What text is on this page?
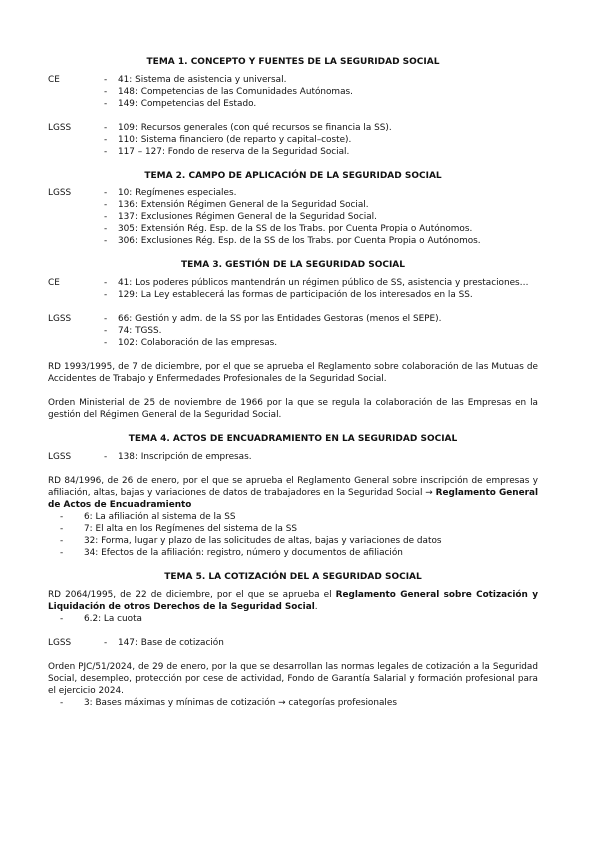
TEMA 1. CONCEPTO Y FUENTES DE LA SEGURIDAD SOCIAL

CE	-	41: Sistema de asistencia y universal.
-	148: Competencias de las Comunidades Autónomas.
-	149: Competencias del Estado.
LGSS	-	109: Recursos generales (con qué recursos se financia la SS).
-	110: Sistema financiero (de reparto y capital–coste).
-	117 – 127: Fondo de reserva de la Seguridad Social.

TEMA 2. CAMPO DE APLICACIÓN DE LA SEGURIDAD SOCIAL

LGSS	-	10: Regímenes especiales.
-	136: Extensión Régimen General de la Seguridad Social.
-	137: Exclusiones Régimen General de la Seguridad Social.
-	305: Extensión Rég. Esp. de la SS de los Trabs. por Cuenta Propia o Autónomos.
-	306: Exclusiones Rég. Esp. de la SS de los Trabs. por Cuenta Propia o Autónomos.

TEMA 3. GESTIÓN DE LA SEGURIDAD SOCIAL

CE	-	41: Los poderes públicos mantendrán un régimen público de SS, asistencia y prestaciones…
-	129: La Ley establecerá las formas de participación de los interesados en la SS.
LGSS	-	66: Gestión y adm. de la SS por las Entidades Gestoras (menos el SEPE).
-	74: TGSS.
-	102: Colaboración de las empresas.

RD 1993/1995, de 7 de diciembre, por el que se aprueba el Reglamento sobre colaboración de las Mutuas de Accidentes de Trabajo y Enfermedades Profesionales de la Seguridad Social.

Orden Ministerial de 25 de noviembre de 1966 por la que se regula la colaboración de las Empresas en la gestión del Régimen General de la Seguridad Social.

TEMA 4. ACTOS DE ENCUADRAMIENTO EN LA SEGURIDAD SOCIAL

LGSS	-	138: Inscripción de empresas.

RD 84/1996, de 26 de enero, por el que se aprueba el Reglamento General sobre inscripción de empresas y afiliación, altas, bajas y variaciones de datos de trabajadores en la Seguridad Social → Reglamento General de Actos de Encuadramiento

-	6: La afiliación al sistema de la SS
-	7: El alta en los Regímenes del sistema de la SS
-	32: Forma, lugar y plazo de las solicitudes de altas, bajas y variaciones de datos
-	34: Efectos de la afiliación: registro, número y documentos de afiliación

TEMA 5. LA COTIZACIÓN DEL A SEGURIDAD SOCIAL

RD 2064/1995, de 22 de diciembre, por el que se aprueba el Reglamento General sobre Cotización y Liquidación de otros Derechos de la Seguridad Social.

-	6.2: La cuota
LGSS	-	147: Base de cotización

Orden PJC/51/2024, de 29 de enero, por la que se desarrollan las normas legales de cotización a la Seguridad Social, desempleo, protección por cese de actividad, Fondo de Garantía Salarial y formación profesional para el ejercicio 2024.

-	3: Bases máximas y mínimas de cotización → categorías profesionales
